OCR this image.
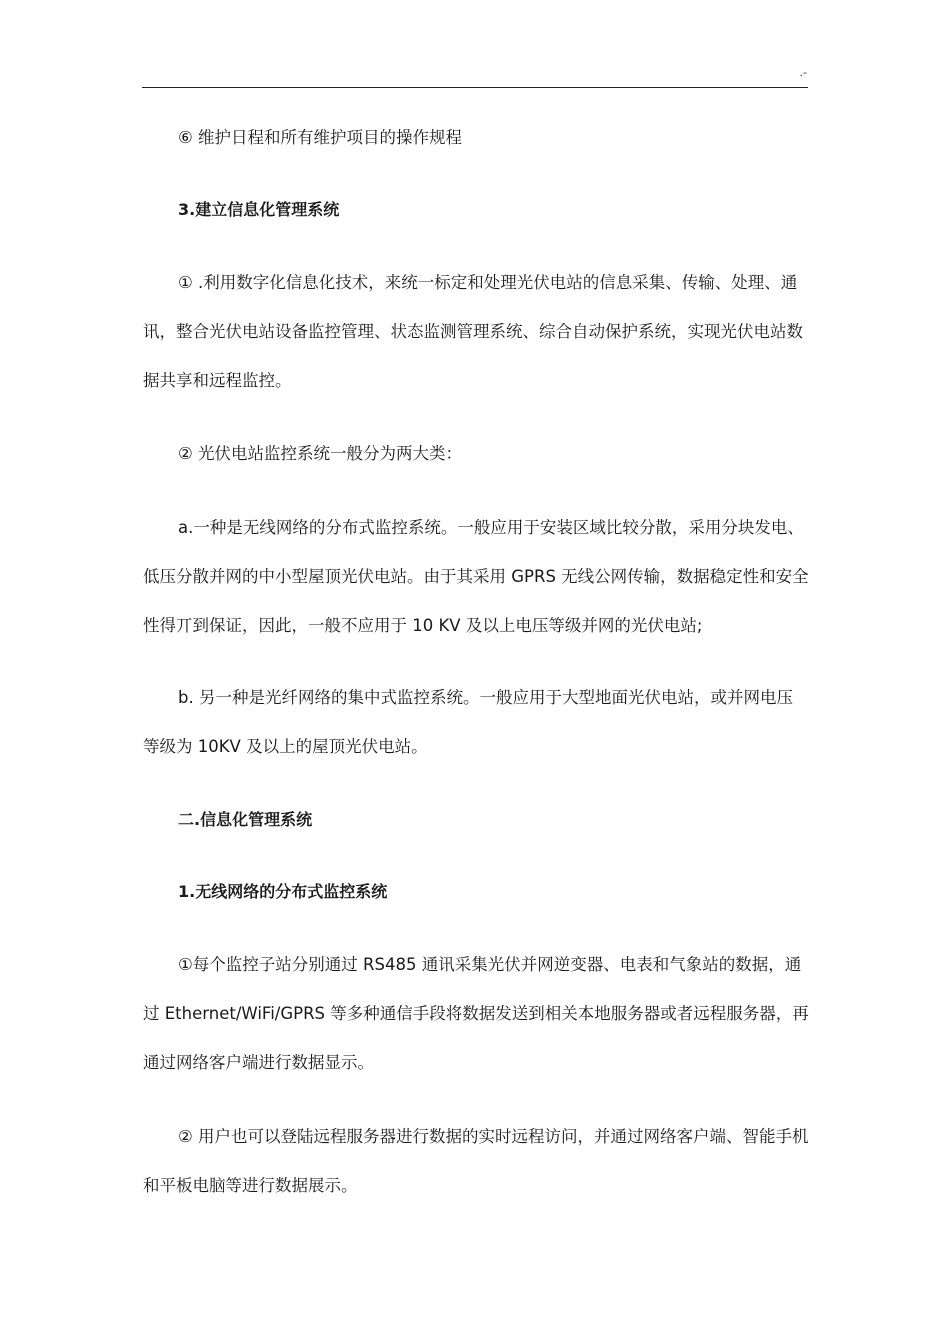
.-

⑥ 维护日程和所有维护项目的操作规程

3.建立信息化管理系统

① .利用数字化信息化技术，来统一标定和处理光伏电站的信息采集、传输、处理、通讯，整合光伏电站设备监控管理、状态监测管理系统、综合自动保护系统，实现光伏电站数据共享和远程监控。

② 光伏电站监控系统一般分为两大类：

a.一种是无线网络的分布式监控系统。一般应用于安装区域比较分散，采用分块发电、低压分散并网的中小型屋顶光伏电站。由于其采用 GPRS 无线公网传输，数据稳定性和安全性得丌到保证，因此，一般不应用于 10 KV 及以上电压等级并网的光伏电站;

b. 另一种是光纤网络的集中式监控系统。一般应用于大型地面光伏电站，或并网电压等级为 10KV 及以上的屋顶光伏电站。

二.信息化管理系统

1.无线网络的分布式监控系统

①每个监控子站分别通过 RS485 通讯采集光伏并网逆变器、电表和气象站的数据，通过 Ethernet/WiFi/GPRS 等多种通信手段将数据发送到相关本地服务器或者远程服务器，再通过网络客户端进行数据显示。

② 用户也可以登陆远程服务器进行数据的实时远程访问，并通过网络客户端、智能手机和平板电脑等进行数据展示。
